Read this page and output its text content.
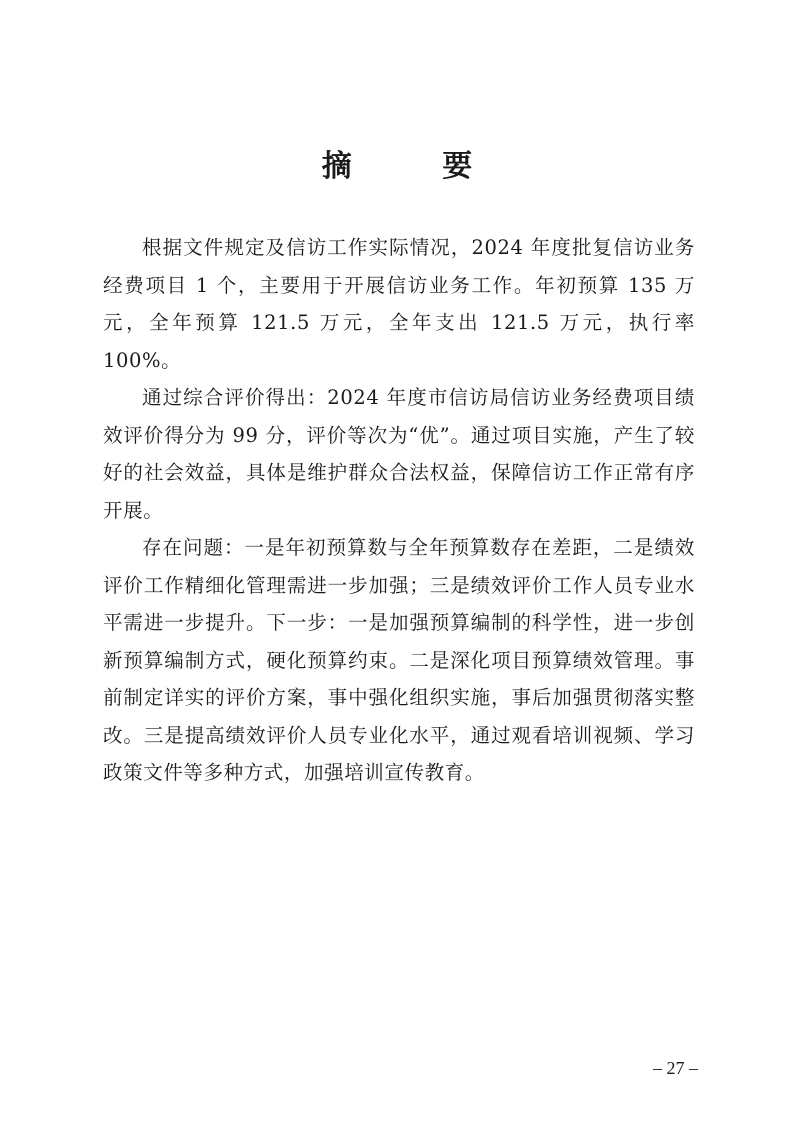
摘 要

根据文件规定及信访工作实际情况，2024 年度批复信访业务经费项目 1 个，主要用于开展信访业务工作。年初预算 135 万元，全年预算 121.5 万元，全年支出 121.5 万元，执行率 100%。

通过综合评价得出：2024 年度市信访局信访业务经费项目绩效评价得分为 99 分，评价等次为“优”。通过项目实施，产生了较好的社会效益，具体是维护群众合法权益，保障信访工作正常有序开展。

存在问题：一是年初预算数与全年预算数存在差距，二是绩效评价工作精细化管理需进一步加强；三是绩效评价工作人员专业水平需进一步提升。下一步：一是加强预算编制的科学性，进一步创新预算编制方式，硬化预算约束。二是深化项目预算绩效管理。事前制定详实的评价方案，事中强化组织实施，事后加强贯彻落实整改。三是提高绩效评价人员专业化水平，通过观看培训视频、学习政策文件等多种方式，加强培训宣传教育。

– 27 –
